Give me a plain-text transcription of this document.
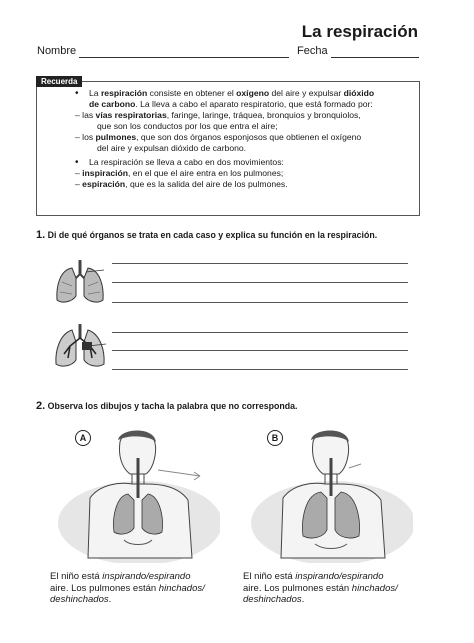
La respiración
Nombre	Fecha
Recuerda

• La respiración consiste en obtener el oxígeno del aire y expulsar dióxido
de carbono. La lleva a cabo el aparato respiratorio, que está formado por:

– las vías respiratorias, faringe, laringe, tráquea, bronquios y bronquiolos,

que son los conductos por los que entra el aire;

– los pulmones, que son dos órganos esponjosos que obtienen el oxígeno

del aire y expulsan dióxido de carbono.

• La respiración se lleva a cabo en dos movimientos:

– inspiración, en el que el aire entra en los pulmones;

– espiración, que es la salida del aire de los pulmones.

1. Di de qué órganos se trata en cada caso y explica su función en la respiración.
2. Observa los dibujos y tacha la palabra que no corresponda.
A
El niño está inspirando/espirando
aire. Los pulmones están hinchados/
deshinchados.
B
El niño está inspirando/espirando
aire. Los pulmones están hinchados/
deshinchados.
